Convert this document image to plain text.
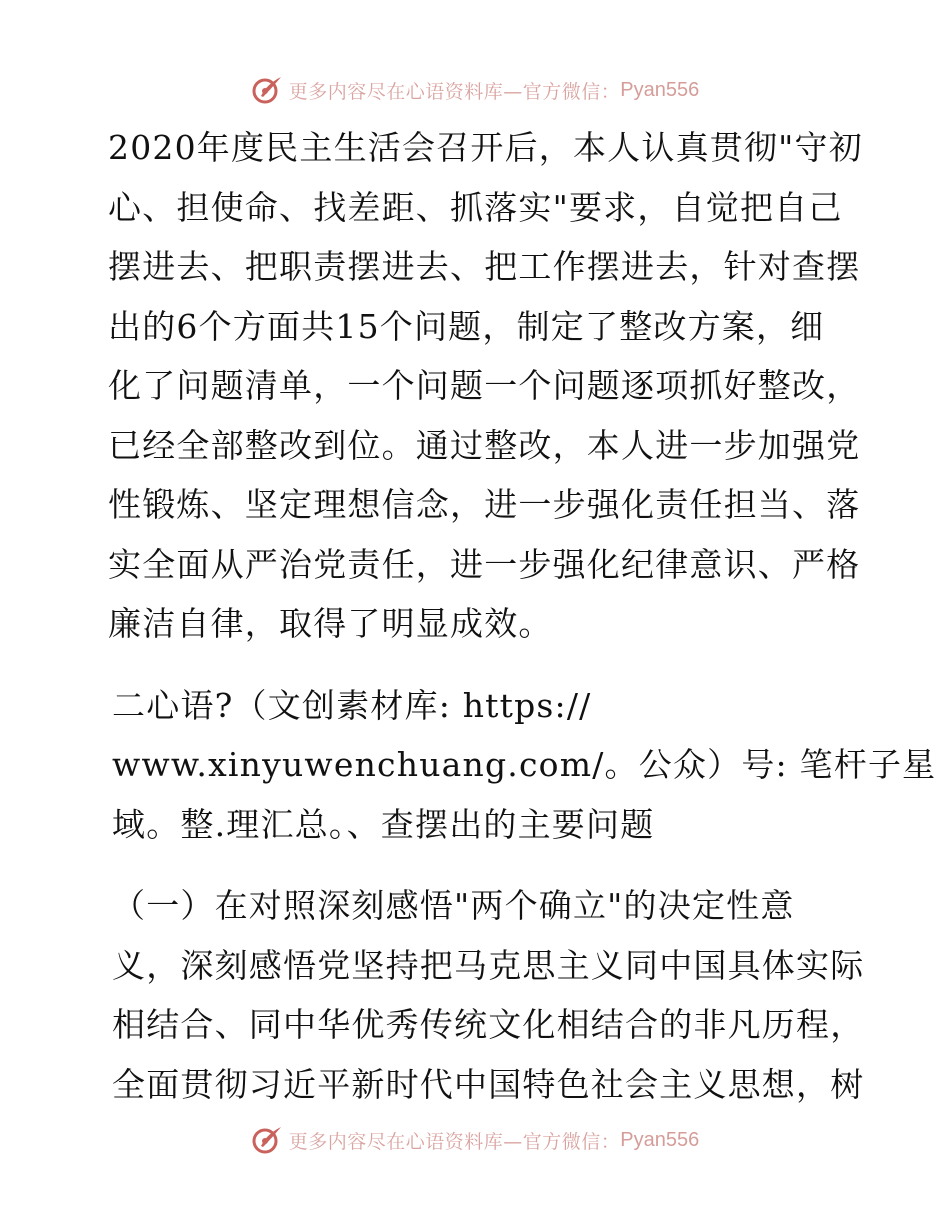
更多内容尽在心语资料库—官方微信： Pyan556

2020年度民主生活会召开后，本人认真贯彻"守初
心、担使命、找差距、抓落实"要求，自觉把自己
摆进去、把职责摆进去、把工作摆进去，针对查摆
出的6个方面共15个问题，制定了整改方案，细
化了问题清单，一个问题一个问题逐项抓好整改，
已经全部整改到位。通过整改，本人进一步加强党
性锻炼、坚定理想信念，进一步强化责任担当、落
实全面从严治党责任，进一步强化纪律意识、严格
廉洁自律，取得了明显成效。

二心语?（文创素材库: https://
www.xinyuwenchuang.com/。公众）号: 笔杆子星
域。整.理汇总。、查摆出的主要问题

（一）在对照深刻感悟"两个确立"的决定性意
义，深刻感悟党坚持把马克思主义同中国具体实际
相结合、同中华优秀传统文化相结合的非凡历程，
全面贯彻习近平新时代中国特色社会主义思想，树

更多内容尽在心语资料库—官方微信： Pyan556
